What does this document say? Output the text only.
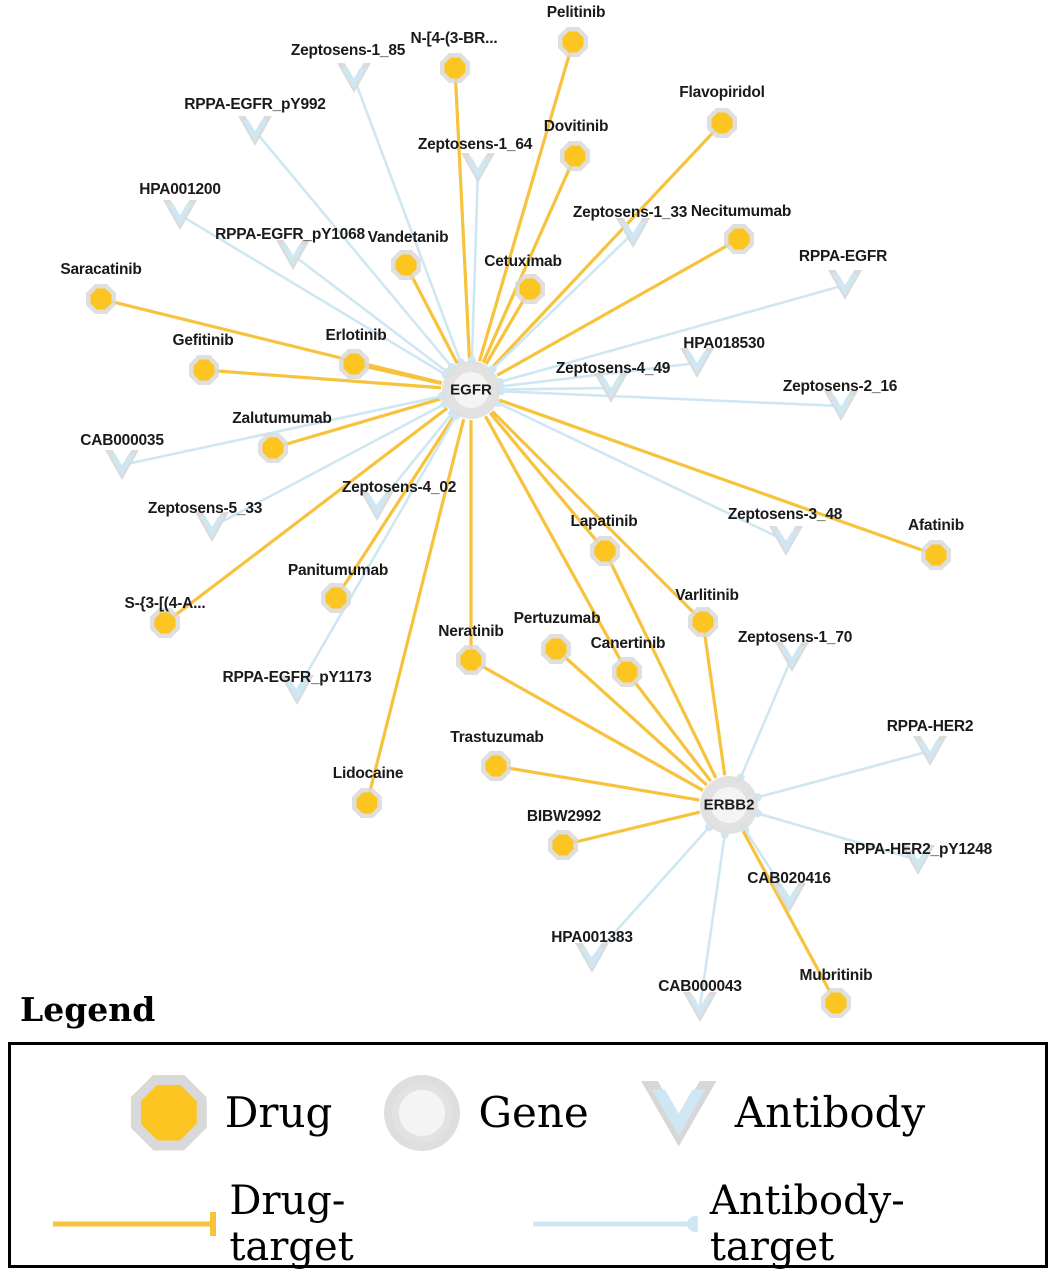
EGFR
ERBB2
Pelitinib
N-[4-(3-BR...
Zeptosens-1_85
Flavopiridol
RPPA-EGFR_pY992
Dovitinib
Zeptosens-1_64
HPA001200
Necitumumab
Zeptosens-1_33
RPPA-EGFR_pY1068 Vandetanib
Cetuximab	RPPA-EGFR
Saracatinib
Gefitinib	Erlotinib	HPA018530
Zeptosens-4_49
Zeptosens-2_16
Zalutumumab
CAB000035
Zeptosens-4_02
Zeptosens-5_33
Lapatinib	Zeptosens-3_48
Afatinib
Panitumumab
Varlitinib
S-{3-[(4-A...
Pertuzumab
Neratinib
Canertinib	Zeptosens-1_70
RPPA-EGFR_pY1173
RPPA-HER2
Trastuzumab
Lidocaine
BIBW2992
RPPA-HER2_pY1248
CAB020416
HPA001383
Mubritinib
CAB000043
Legend
Drug	Gene	Antibody
Drug-target
Antibody-target
